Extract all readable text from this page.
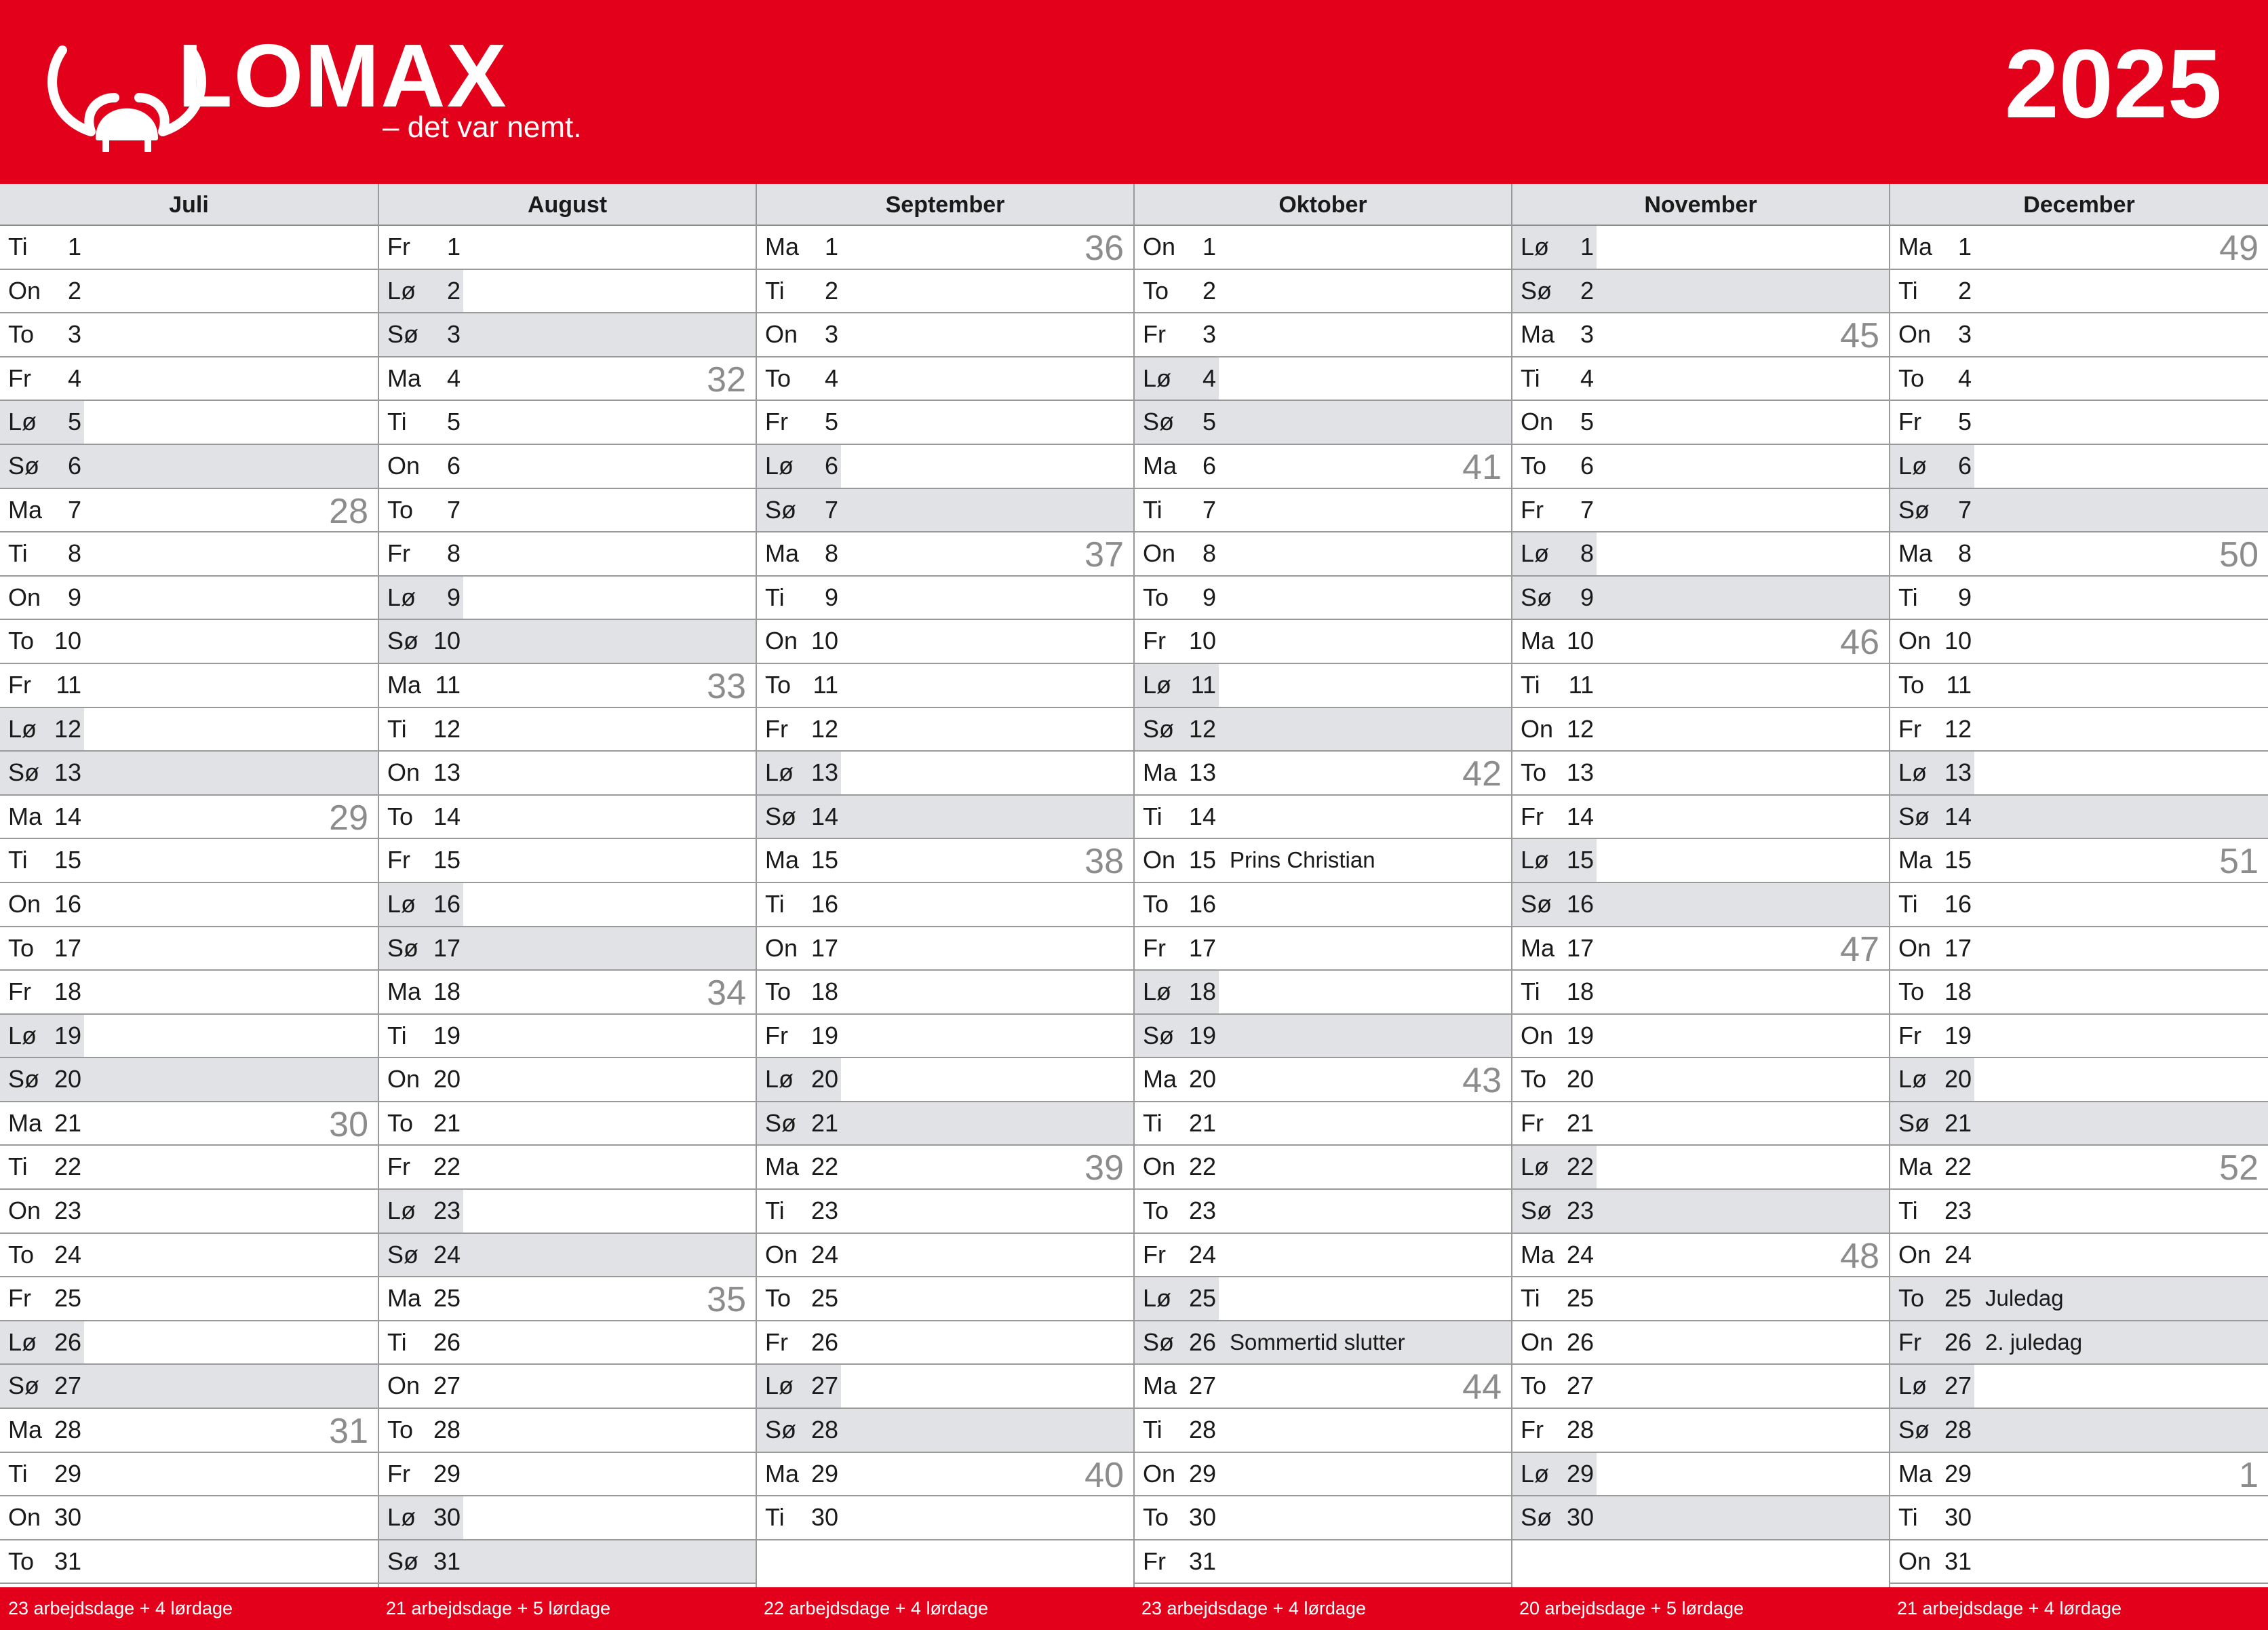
LOMAX
– det var nemt.	2025
Juli
Ti	1
On	2
To	3
Fr	4
Lø	5
Sø	6
Ma	7	28
Ti	8
On	9
To 10
Fr	11
Lø 12
Sø 13
Ma 14	29
Ti	15
On 16
To 17
Fr 18
Lø 19
Sø 20
Ma 21	30
Ti	22
On 23
To 24
Fr 25
Lø 26
Sø 27
Ma 28	31
Ti	29
On 30
To 31
August
Fr	1
Lø	2
Sø	3
Ma	4	32
Ti	5
On	6
To	7
Fr	8
Lø	9
Sø 10
Ma 11	33
Ti	12
On 13
To 14
Fr 15
Lø 16
Sø 17
Ma 18	34
Ti	19
On 20
To 21
Fr 22
Lø 23
Sø 24
Ma 25	35
Ti	26
On 27
To 28
Fr 29
Lø 30
Sø 31
September
Ma	1	36
Ti	2
On	3
To	4
Fr	5
Lø	6
Sø	7
Ma	8	37
Ti	9
On 10
To 11
Fr 12
Lø 13
Sø 14
Ma 15	38
Ti	16
On 17
To 18
Fr 19
Lø 20
Sø 21
Ma 22	39
Ti	23
On 24
To 25
Fr 26
Lø 27
Sø 28
Ma 29	40
Ti	30
Oktober
On	1
To	2
Fr	3
Lø	4
Sø	5
Ma	6	41
Ti	7
On	8
To	9
Fr 10
Lø 11
Sø 12
Ma 13	42
Ti	14
On 15 Prins Christian
To 16
Fr 17
Lø 18
Sø 19
Ma 20	43
Ti	21
On 22
To 23
Fr 24
Lø 25
Sø 26 Sommertid slutter
Ma 27	44
Ti	28
On 29
To 30
Fr 31
November
Lø	1
Sø	2
Ma	3	45
Ti	4
On	5
To	6
Fr	7
Lø	8
Sø	9
Ma 10	46
Ti	11
On 12
To 13
Fr 14
Lø 15
Sø 16
Ma 17	47
Ti	18
On 19
To 20
Fr 21
Lø 22
Sø 23
Ma 24	48
Ti	25
On 26
To 27
Fr 28
Lø 29
Sø 30
December
Ma	1	49
Ti	2
On	3
To	4
Fr	5
Lø	6
Sø	7
Ma	8	50
Ti	9
On 10
To 11
Fr 12
Lø 13
Sø 14
Ma 15	51
Ti	16
On 17
To 18
Fr 19
Lø 20
Sø 21
Ma 22	52
Ti	23
On 24
To 25 Juledag
Fr 26 2. juledag
Lø 27
Sø 28
Ma 29	1
Ti	30
On 31
23 arbejdsdage + 4 lørdage	21 arbejdsdage + 5 lørdage	22 arbejdsdage + 4 lørdage	23 arbejdsdage + 4 lørdage	20 arbejdsdage + 5 lørdage	21 arbejdsdage + 4 lørdage
